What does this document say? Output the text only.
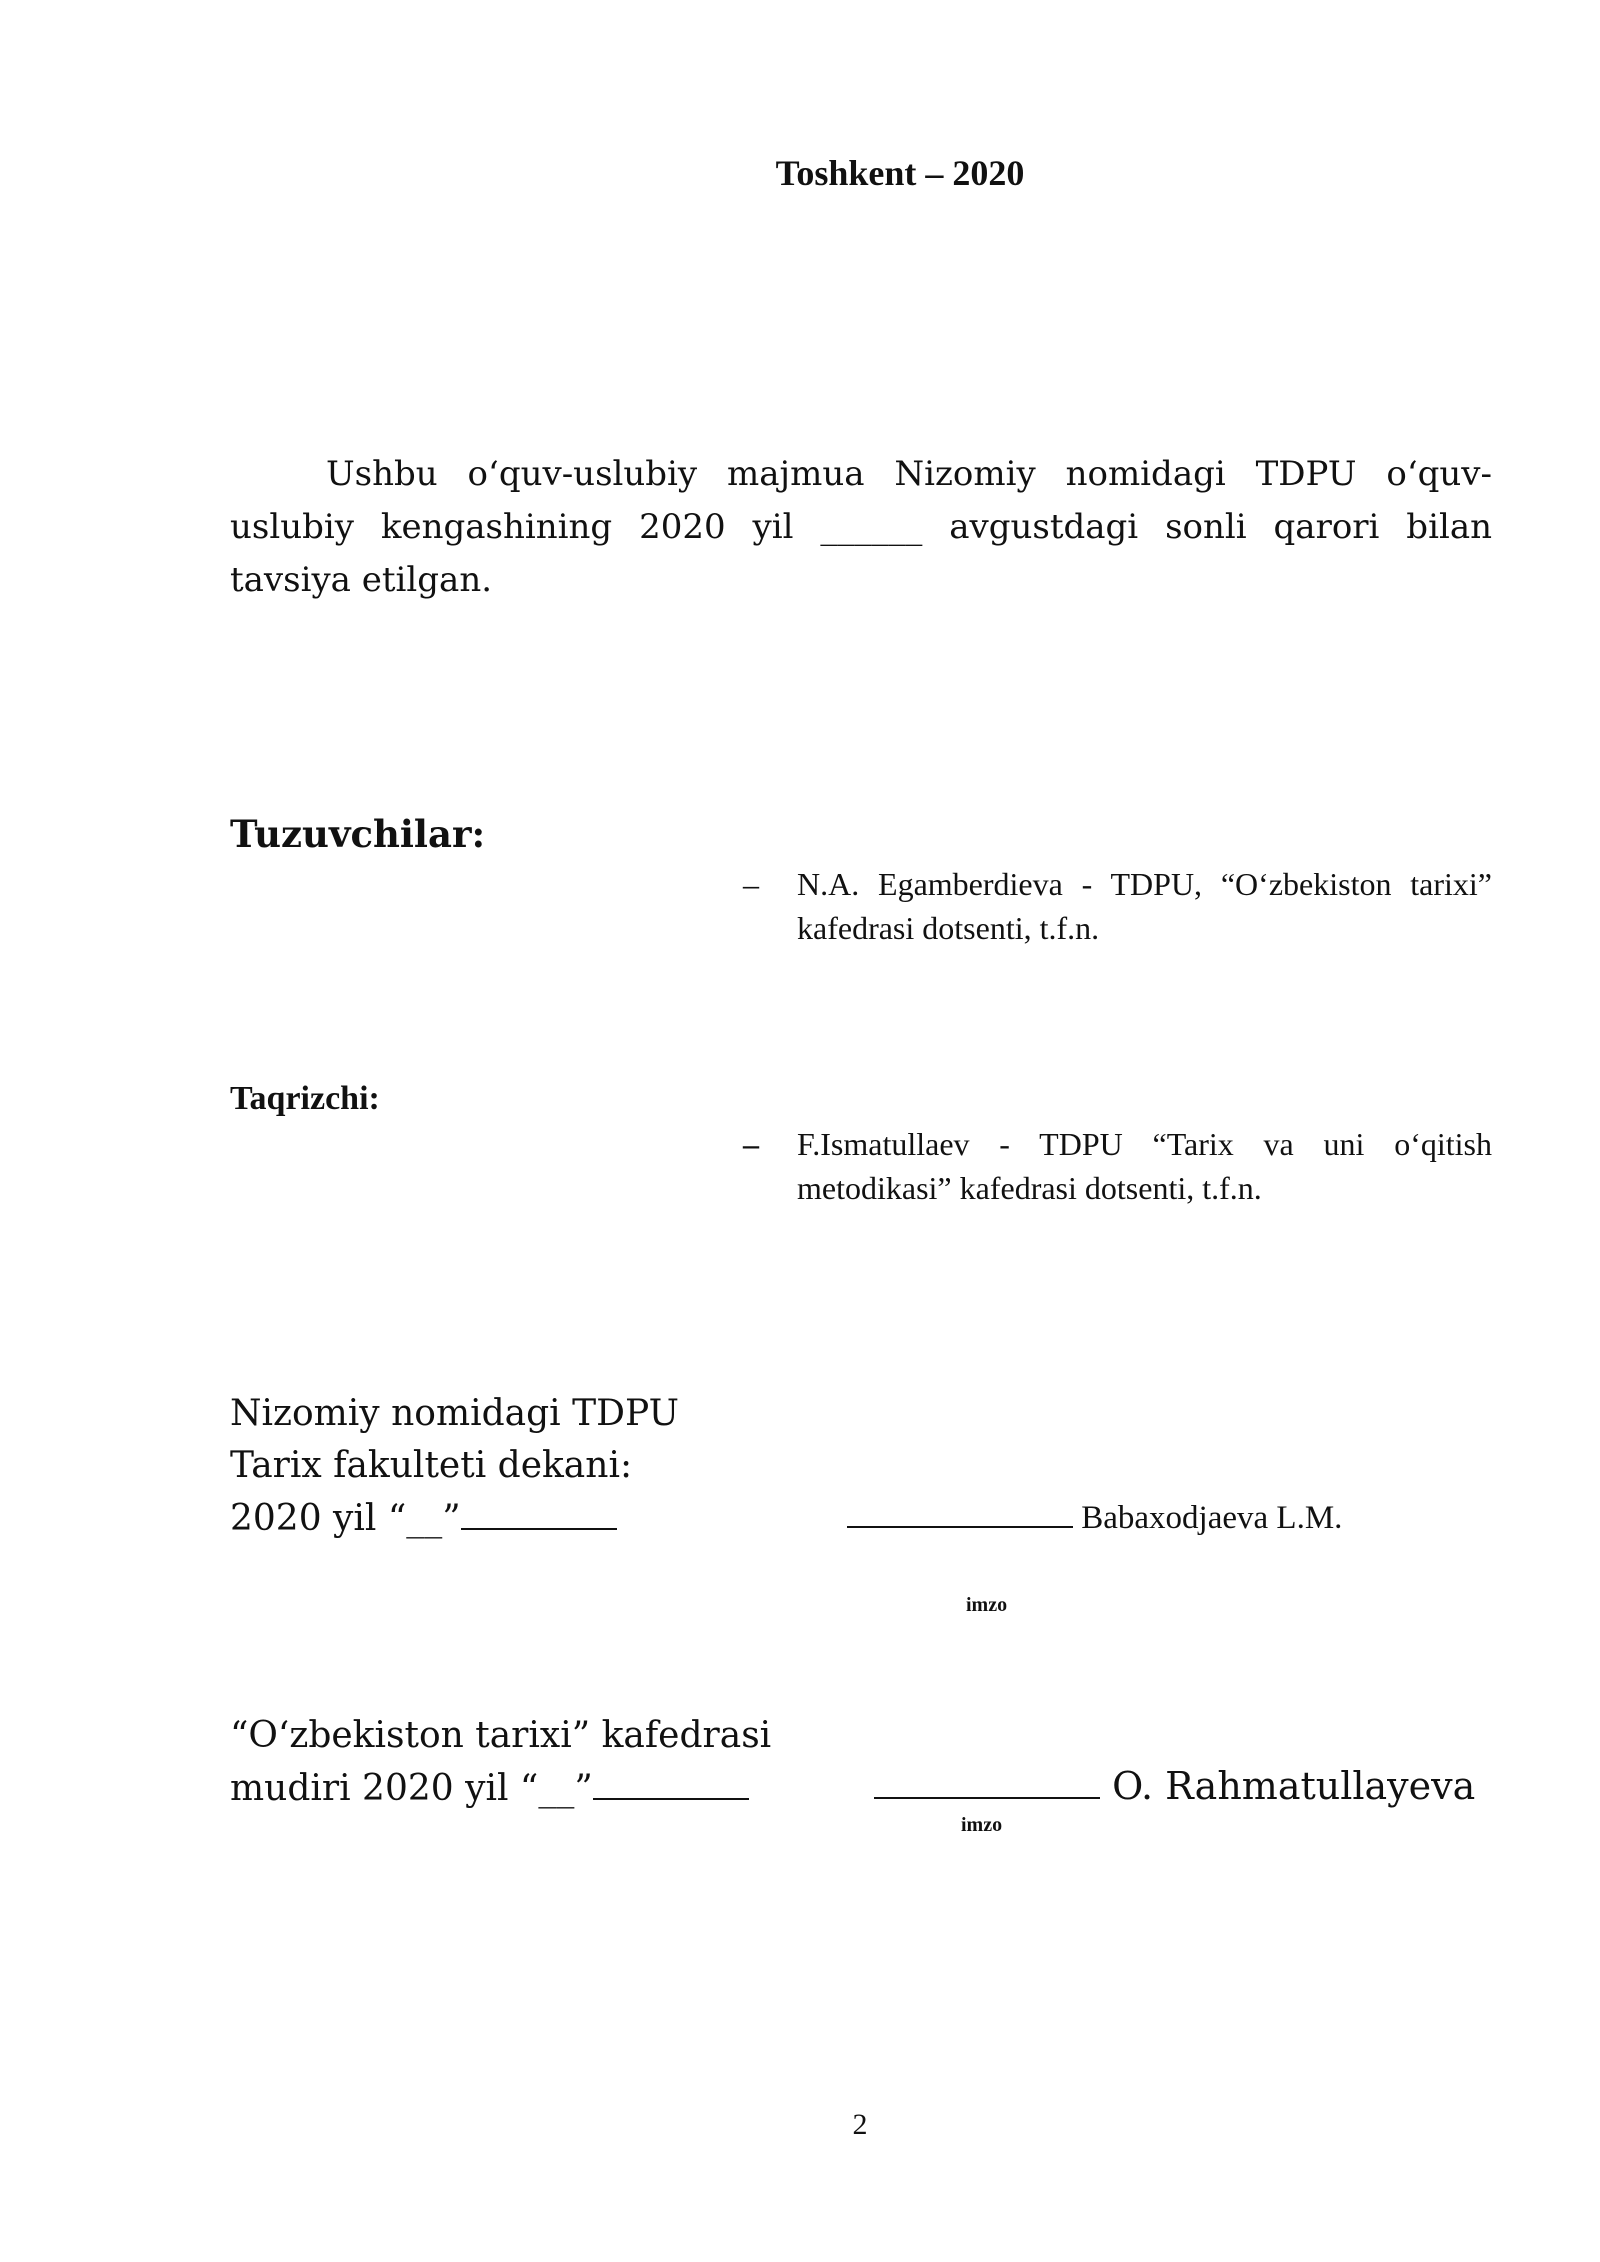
Toshkent – 2020
Ushbu o‘quv-uslubiy majmua Nizomiy nomidagi TDPU o‘quv-uslubiy kengashining 2020 yil ______ avgustdagi sonli qarori bilan tavsiya etilgan.
Tuzuvchilar:
– N.A. Egamberdieva - TDPU, “O‘zbekiston tarixi” kafedrasi dotsenti, t.f.n.
Taqrizchi:
– F.Ismatullaev - TDPU “Tarix va uni o‘qitish metodikasi” kafedrasi dotsenti, t.f.n.
Nizomiy nomidagi TDPU
Tarix fakulteti dekani:
2020 yil “__”	Babaxodjaeva L.M.
imzo
“O‘zbekiston tarixi” kafedrasi
mudiri 2020 yil “__”	O. Rahmatullayeva
imzo
2
